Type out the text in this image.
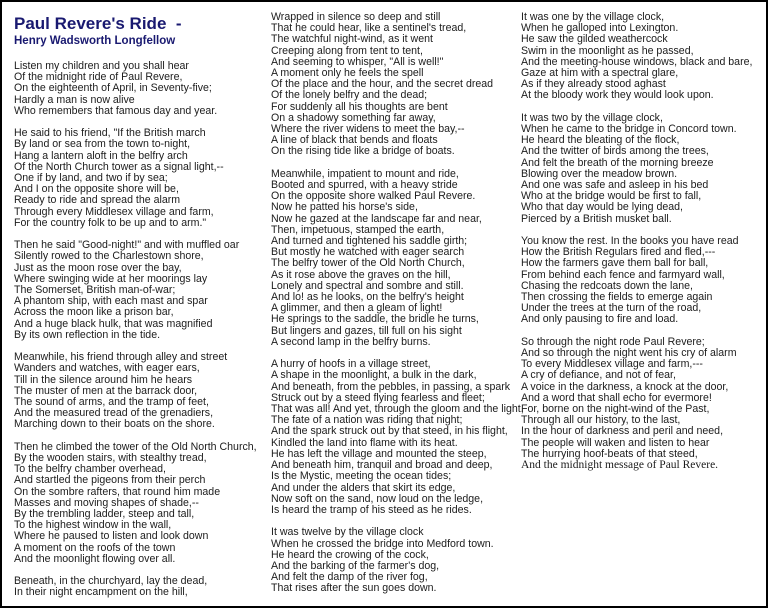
Paul Revere's Ride  -
Henry Wadsworth Longfellow
Listen my children and you shall hear
Of the midnight ride of Paul Revere,
On the eighteenth of April, in Seventy-five;
Hardly a man is now alive
Who remembers that famous day and year.
He said to his friend, "If the British march
By land or sea from the town to-night,
Hang a lantern aloft in the belfry arch
Of the North Church tower as a signal light,--
One if by land, and two if by sea;
And I on the opposite shore will be,
Ready to ride and spread the alarm
Through every Middlesex village and farm,
For the country folk to be up and to arm."
Then he said "Good-night!" and with muffled oar
Silently rowed to the Charlestown shore,
Just as the moon rose over the bay,
Where swinging wide at her moorings lay
The Somerset, British man-of-war;
A phantom ship, with each mast and spar
Across the moon like a prison bar,
And a huge black hulk, that was magnified
By its own reflection in the tide.
Meanwhile, his friend through alley and street
Wanders and watches, with eager ears,
Till in the silence around him he hears
The muster of men at the barrack door,
The sound of arms, and the tramp of feet,
And the measured tread of the grenadiers,
Marching down to their boats on the shore.
Then he climbed the tower of the Old North Church,
By the wooden stairs, with stealthy tread,
To the belfry chamber overhead,
And startled the pigeons from their perch
On the sombre rafters, that round him made
Masses and moving shapes of shade,--
By the trembling ladder, steep and tall,
To the highest window in the wall,
Where he paused to listen and look down
A moment on the roofs of the town
And the moonlight flowing over all.
Beneath, in the churchyard, lay the dead,
In their night encampment on the hill,
Wrapped in silence so deep and still
That he could hear, like a sentinel's tread,
The watchful night-wind, as it went
Creeping along from tent to tent,
And seeming to whisper, "All is well!"
A moment only he feels the spell
Of the place and the hour, and the secret dread
Of the lonely belfry and the dead;
For suddenly all his thoughts are bent
On a shadowy something far away,
Where the river widens to meet the bay,--
A line of black that bends and floats
On the rising tide like a bridge of boats.
Meanwhile, impatient to mount and ride,
Booted and spurred, with a heavy stride
On the opposite shore walked Paul Revere.
Now he patted his horse's side,
Now he gazed at the landscape far and near,
Then, impetuous, stamped the earth,
And turned and tightened his saddle girth;
But mostly he watched with eager search
The belfry tower of the Old North Church,
As it rose above the graves on the hill,
Lonely and spectral and sombre and still.
And lo! as he looks, on the belfry's height
A glimmer, and then a gleam of light!
He springs to the saddle, the bridle he turns,
But lingers and gazes, till full on his sight
A second lamp in the belfry burns.
A hurry of hoofs in a village street,
A shape in the moonlight, a bulk in the dark,
And beneath, from the pebbles, in passing, a spark
Struck out by a steed flying fearless and fleet;
That was all! And yet, through the gloom and the light,
The fate of a nation was riding that night;
And the spark struck out by that steed, in his flight,
Kindled the land into flame with its heat.
He has left the village and mounted the steep,
And beneath him, tranquil and broad and deep,
Is the Mystic, meeting the ocean tides;
And under the alders that skirt its edge,
Now soft on the sand, now loud on the ledge,
Is heard the tramp of his steed as he rides.
It was twelve by the village clock
When he crossed the bridge into Medford town.
He heard the crowing of the cock,
And the barking of the farmer's dog,
And felt the damp of the river fog,
That rises after the sun goes down.
It was one by the village clock,
When he galloped into Lexington.
He saw the gilded weathercock
Swim in the moonlight as he passed,
And the meeting-house windows, black and bare,
Gaze at him with a spectral glare,
As if they already stood aghast
At the bloody work they would look upon.
It was two by the village clock,
When he came to the bridge in Concord town.
He heard the bleating of the flock,
And the twitter of birds among the trees,
And felt the breath of the morning breeze
Blowing over the meadow brown.
And one was safe and asleep in his bed
Who at the bridge would be first to fall,
Who that day would be lying dead,
Pierced by a British musket ball.
You know the rest. In the books you have read
How the British Regulars fired and fled,---
How the farmers gave them ball for ball,
From behind each fence and farmyard wall,
Chasing the redcoats down the lane,
Then crossing the fields to emerge again
Under the trees at the turn of the road,
And only pausing to fire and load.
So through the night rode Paul Revere;
And so through the night went his cry of alarm
To every Middlesex village and farm,---
A cry of defiance, and not of fear,
A voice in the darkness, a knock at the door,
And a word that shall echo for evermore!
For, borne on the night-wind of the Past,
Through all our history, to the last,
In the hour of darkness and peril and need,
The people will waken and listen to hear
The hurrying hoof-beats of that steed,
And the midnight message of Paul Revere.
